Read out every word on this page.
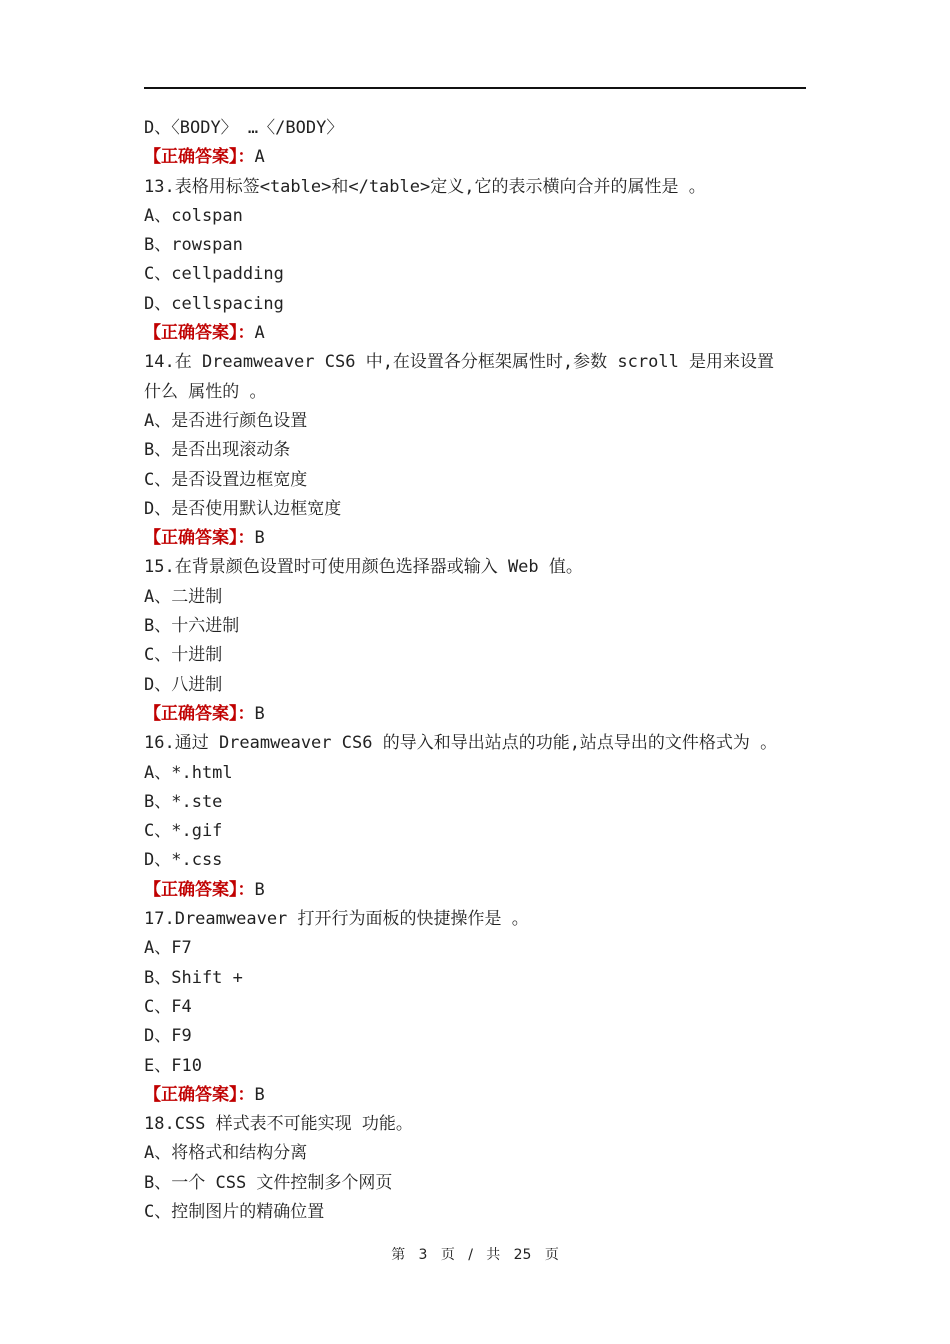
D、〈BODY〉 …〈/BODY〉
【正确答案】：A
13.表格用标签<table>和</table>定义,它的表示横向合并的属性是 。
A、colspan
B、rowspan
C、cellpadding
D、cellspacing
【正确答案】：A
14.在 Dreamweaver CS6 中,在设置各分框架属性时,参数 scroll 是用来设置
什么 属性的 。
A、是否进行颜色设置
B、是否出现滚动条
C、是否设置边框宽度
D、是否使用默认边框宽度
【正确答案】：B
15.在背景颜色设置时可使用颜色选择器或输入 Web 值。
A、二进制
B、十六进制
C、十进制
D、八进制
【正确答案】：B
16.通过 Dreamweaver CS6 的导入和导出站点的功能,站点导出的文件格式为 。
A、*.html
B、*.ste
C、*.gif
D、*.css
【正确答案】：B
17.Dreamweaver 打开行为面板的快捷操作是 。
A、F7
B、Shift +
C、F4
D、F9
E、F10
【正确答案】：B
18.CSS 样式表不可能实现 功能。
A、将格式和结构分离
B、一个 CSS 文件控制多个网页
C、控制图片的精确位置
第 3 页 / 共 25 页
